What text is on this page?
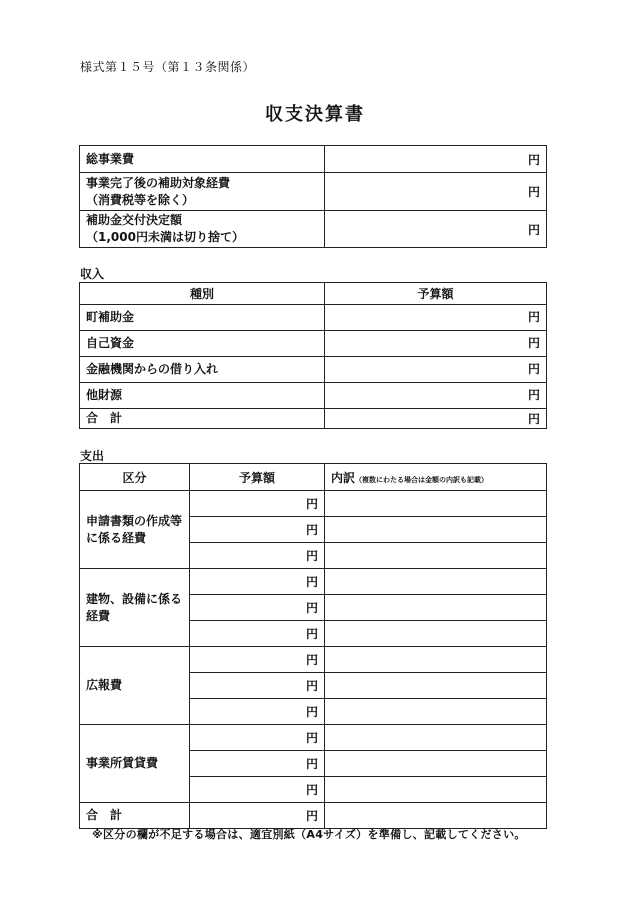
様式第１５号（第１３条関係）
収支決算書
総事業費	円
事業完了後の補助対象経費
（消費税等を除く）	円
補助金交付決定額
（1,000円未満は切り捨て）	円
収入
種別	予算額
町補助金	円
自己資金	円
金融機関からの借り入れ	円
他財源	円
合　計	円
支出
区分	予算額	内訳（複数にわたる場合は金額の内訳も記載）
申請書類の作成等に係る経費	円	
	円	
	円	
建物、設備に係る経費	円	
	円	
	円	
広報費	円	
	円	
	円	
事業所賃貸費	円	
	円	
	円	
合　計	円	
※区分の欄が不足する場合は、適宜別紙（A4サイズ）を準備し、記載してください。
